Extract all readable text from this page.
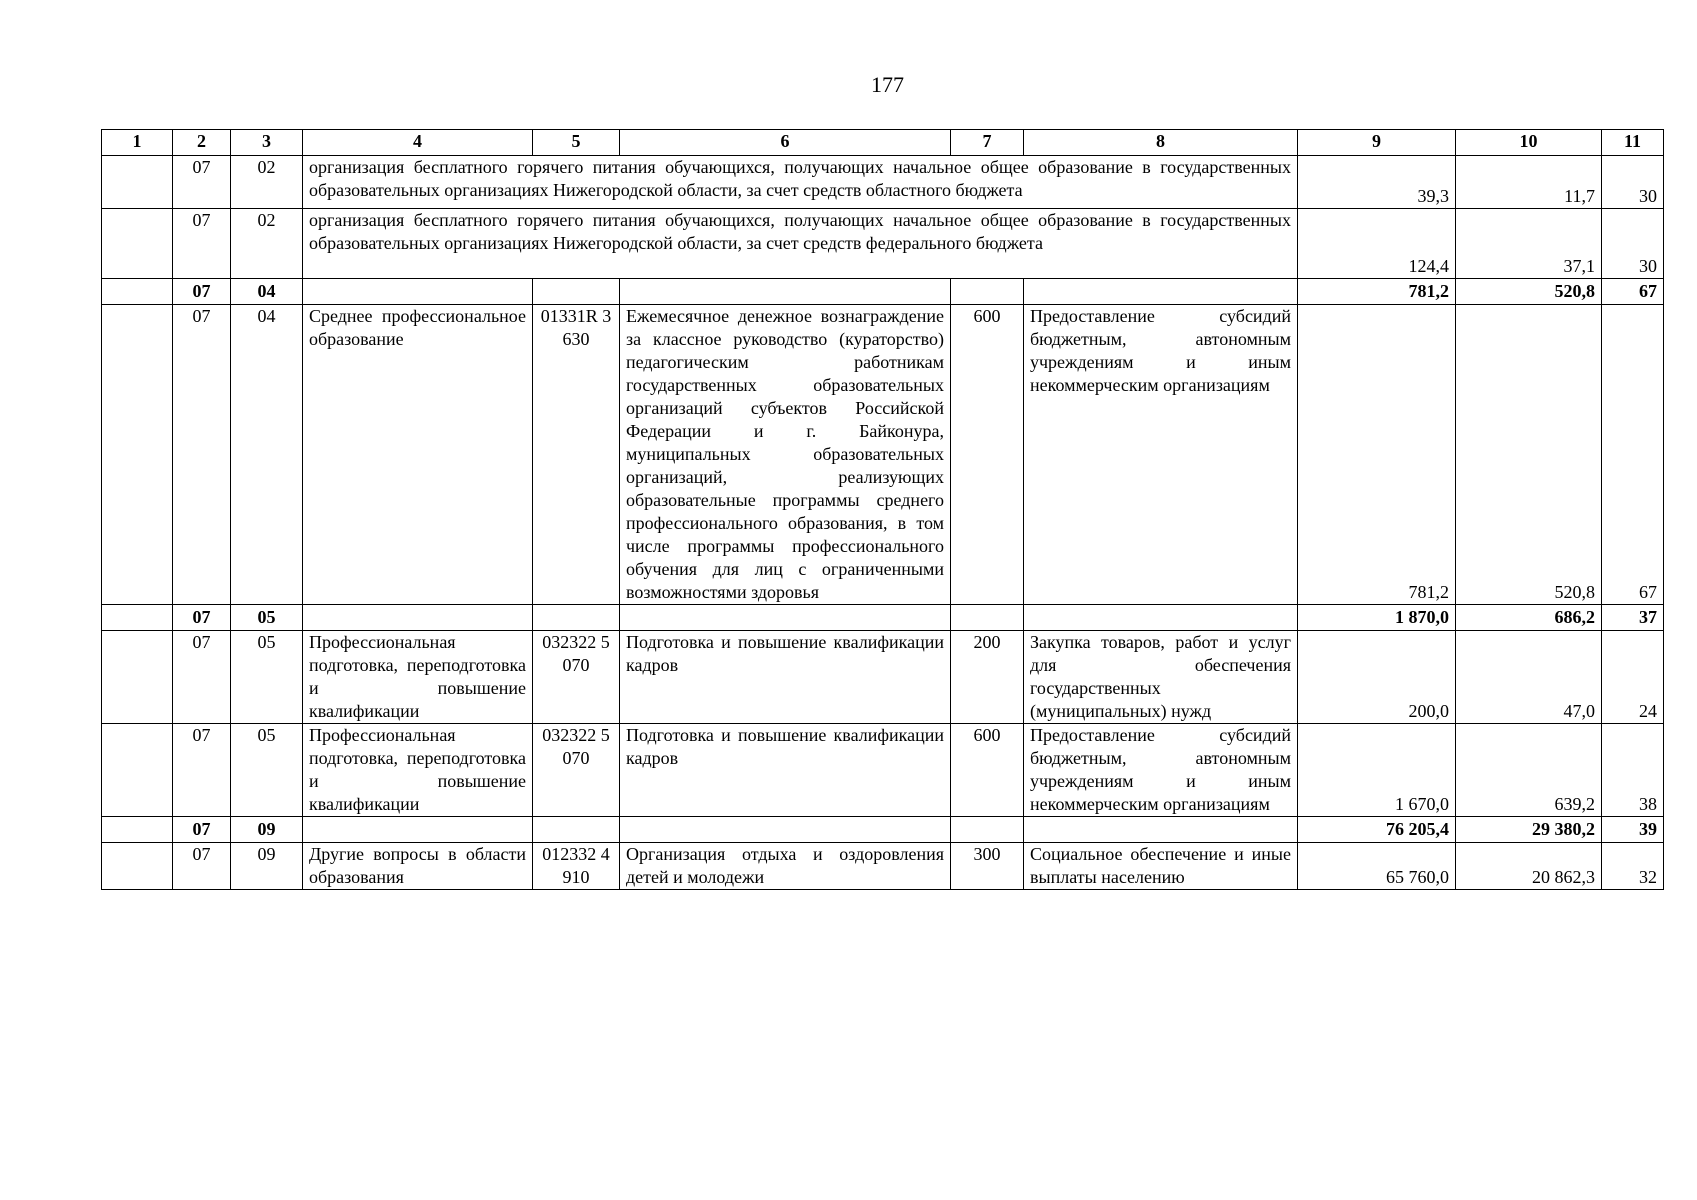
177
1	2	3	4	5	6	7	8	9	10	11
	07	02	организация бесплатного горячего питания обучающихся, получающих начальное общее образование в государственных образовательных организациях Нижегородской области, за счет средств областного бюджета					39,3	11,7	30
	07	02	организация бесплатного горячего питания обучающихся, получающих начальное общее образование в государственных образовательных организациях Нижегородской области, за счет средств федерального бюджета					124,4	37,1	30
	07	04						781,2	520,8	67
	07	04	Среднее профессиональное образование	01331R 3630	Ежемесячное денежное вознаграждение за классное руководство (кураторство) педагогическим работникам государственных образовательных организаций субъектов Российской Федерации и г. Байконура, муниципальных образовательных организаций, реализующих образовательные программы среднего профессионального образования, в том числе программы профессионального обучения для лиц с ограниченными возможностями здоровья	600	Предоставление субсидий бюджетным, автономным учреждениям и иным некоммерческим организациям	781,2	520,8	67
	07	05						1 870,0	686,2	37
	07	05	Профессиональная подготовка, переподготовка и повышение квалификации	032322 5070	Подготовка и повышение квалификации кадров	200	Закупка товаров, работ и услуг для обеспечения государственных (муниципальных) нужд	200,0	47,0	24
	07	05	Профессиональная подготовка, переподготовка и повышение квалификации	032322 5070	Подготовка и повышение квалификации кадров	600	Предоставление субсидий бюджетным, автономным учреждениям и иным некоммерческим организациям	1 670,0	639,2	38
	07	09						76 205,4	29 380,2	39
	07	09	Другие вопросы в области образования	012332 4910	Организация отдыха и оздоровления детей и молодежи	300	Социальное обеспечение и иные выплаты населению	65 760,0	20 862,3	32
